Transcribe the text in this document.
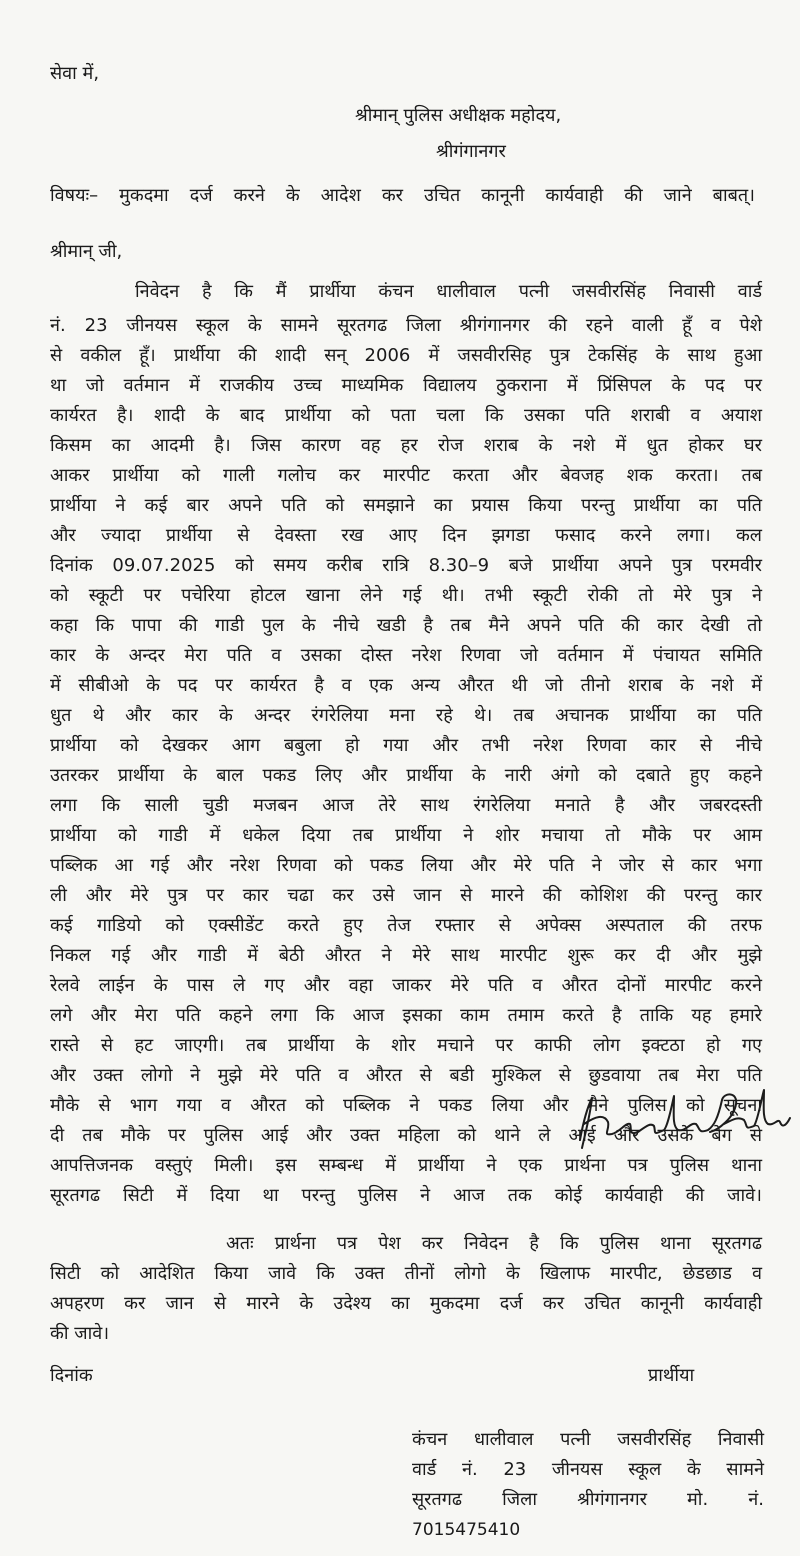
सेवा में,
श्रीमान् पुलिस अधीक्षक महोदय,
श्रीगंगानगर
विषयः– मुकदमा दर्ज करने के आदेश कर उचित कानूनी कार्यवाही की जाने बाबत्।
श्रीमान् जी,
निवेदन है कि मैं प्रार्थीया कंचन धालीवाल पत्नी जसवीरसिंह निवासी वार्ड
नं. 23 जीनयस स्कूल के सामने सूरतगढ जिला श्रीगंगानगर की रहने वाली हूँ व पेशे
से वकील हूँ। प्रार्थीया की शादी सन् 2006 में जसवीरसिह पुत्र टेकसिंह के साथ हुआ
था जो वर्तमान में राजकीय उच्च माध्यमिक विद्यालय ठुकराना में प्रिंसिपल के पद पर
कार्यरत है। शादी के बाद प्रार्थीया को पता चला कि उसका पति शराबी व अयाश
किसम का आदमी है। जिस कारण वह हर रोज शराब के नशे में धुत होकर घर
आकर प्रार्थीया को गाली गलोच कर मारपीट करता और बेवजह शक करता। तब
प्रार्थीया ने कई बार अपने पति को समझाने का प्रयास किया परन्तु प्रार्थीया का पति
और ज्यादा प्रार्थीया से देवस्ता रख आए दिन झगडा फसाद करने लगा। कल
दिनांक 09.07.2025 को समय करीब रात्रि 8.30–9 बजे प्रार्थीया अपने पुत्र परमवीर
को स्कूटी पर पचेरिया होटल खाना लेने गई थी। तभी स्कूटी रोकी तो मेरे पुत्र ने
कहा कि पापा की गाडी पुल के नीचे खडी है तब मैने अपने पति की कार देखी तो
कार के अन्दर मेरा पति व उसका दोस्त नरेश रिणवा जो वर्तमान में पंचायत समिति
में सीबीओ के पद पर कार्यरत है व एक अन्य औरत थी जो तीनो शराब के नशे में
धुत थे और कार के अन्दर रंगरेलिया मना रहे थे। तब अचानक प्रार्थीया का पति
प्रार्थीया को देखकर आग बबुला हो गया और तभी नरेश रिणवा कार से नीचे
उतरकर प्रार्थीया के बाल पकड लिए और प्रार्थीया के नारी अंगो को दबाते हुए कहने
लगा कि साली चुडी मजबन आज तेरे साथ रंगरेलिया मनाते है और जबरदस्ती
प्रार्थीया को गाडी में धकेल दिया तब प्रार्थीया ने शोर मचाया तो मौके पर आम
पब्लिक आ गई और नरेश रिणवा को पकड लिया और मेरे पति ने जोर से कार भगा
ली और मेरे पुत्र पर कार चढा कर उसे जान से मारने की कोशिश की परन्तु कार
कई गाडियो को एक्सीडेंट करते हुए तेज रफ्तार से अपेक्स अस्पताल की तरफ
निकल गई और गाडी में बेठी औरत ने मेरे साथ मारपीट शुरू कर दी और मुझे
रेलवे लाईन के पास ले गए और वहा जाकर मेरे पति व औरत दोनों मारपीट करने
लगे और मेरा पति कहने लगा कि आज इसका काम तमाम करते है ताकि यह हमारे
रास्ते से हट जाएगी। तब प्रार्थीया के शोर मचाने पर काफी लोग इक्टठा हो गए
और उक्त लोगो ने मुझे मेरे पति व औरत से बडी मुश्किल से छुडवाया तब मेरा पति
मौके से भाग गया व औरत को पब्लिक ने पकड लिया और मैने पुलिस को सूचना
दी तब मौके पर पुलिस आई और उक्त महिला को थाने ले आई और उसके बेग से
आपत्तिजनक वस्तुएं मिली। इस सम्बन्ध में प्रार्थीया ने एक प्रार्थना पत्र पुलिस थाना
सूरतगढ सिटी में दिया था परन्तु पुलिस ने आज तक कोई कार्यवाही की जावे।
अतः प्रार्थना पत्र पेश कर निवेदन है कि पुलिस थाना सूरतगढ
सिटी को आदेशित किया जावे कि उक्त तीनों लोगो के खिलाफ मारपीट, छेडछाड व
अपहरण कर जान से मारने के उदेश्य का मुकदमा दर्ज कर उचित कानूनी कार्यवाही
की जावे।
दिनांक	प्रार्थीया
कंचन धालीवाल पत्नी जसवीरसिंह निवासी
वार्ड नं. 23 जीनयस स्कूल के सामने
सूरतगढ जिला श्रीगंगानगर मो. नं.
7015475410
